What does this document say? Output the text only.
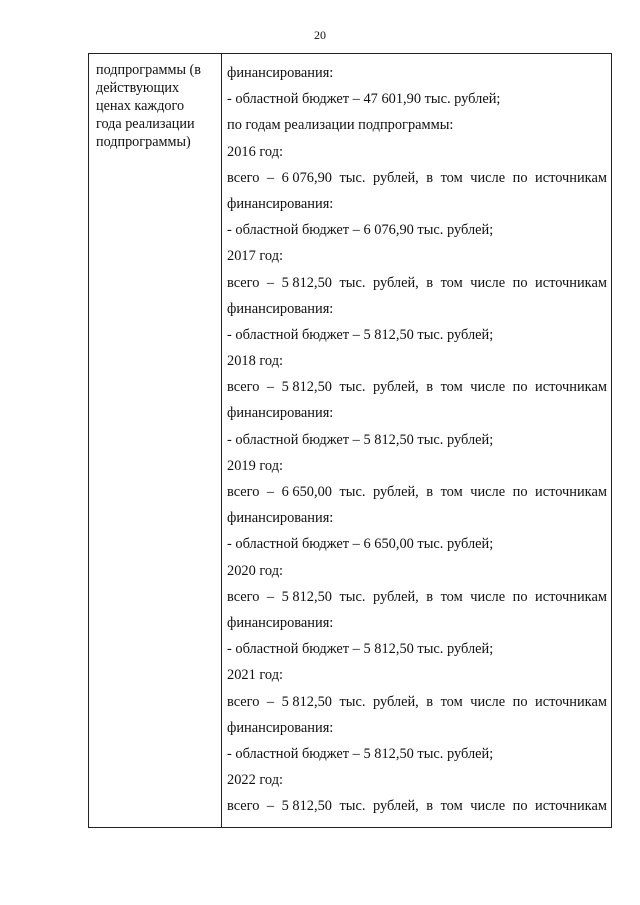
20
подпрограммы (в
действующих
ценах каждого
года реализации
подпрограммы)
финансирования:
- областной бюджет – 47 601,90 тыс. рублей;
по годам реализации подпрограммы:
2016 год:
всего – 6 076,90 тыс. рублей, в том числе по источникам
финансирования:
- областной бюджет – 6 076,90 тыс. рублей;
2017 год:
всего – 5 812,50 тыс. рублей, в том числе по источникам
финансирования:
- областной бюджет – 5 812,50 тыс. рублей;
2018 год:
всего – 5 812,50 тыс. рублей, в том числе по источникам
финансирования:
- областной бюджет – 5 812,50 тыс. рублей;
2019 год:
всего – 6 650,00 тыс. рублей, в том числе по источникам
финансирования:
- областной бюджет – 6 650,00 тыс. рублей;
2020 год:
всего – 5 812,50 тыс. рублей, в том числе по источникам
финансирования:
- областной бюджет – 5 812,50 тыс. рублей;
2021 год:
всего – 5 812,50 тыс. рублей, в том числе по источникам
финансирования:
- областной бюджет – 5 812,50 тыс. рублей;
2022 год:
всего – 5 812,50 тыс. рублей, в том числе по источникам
